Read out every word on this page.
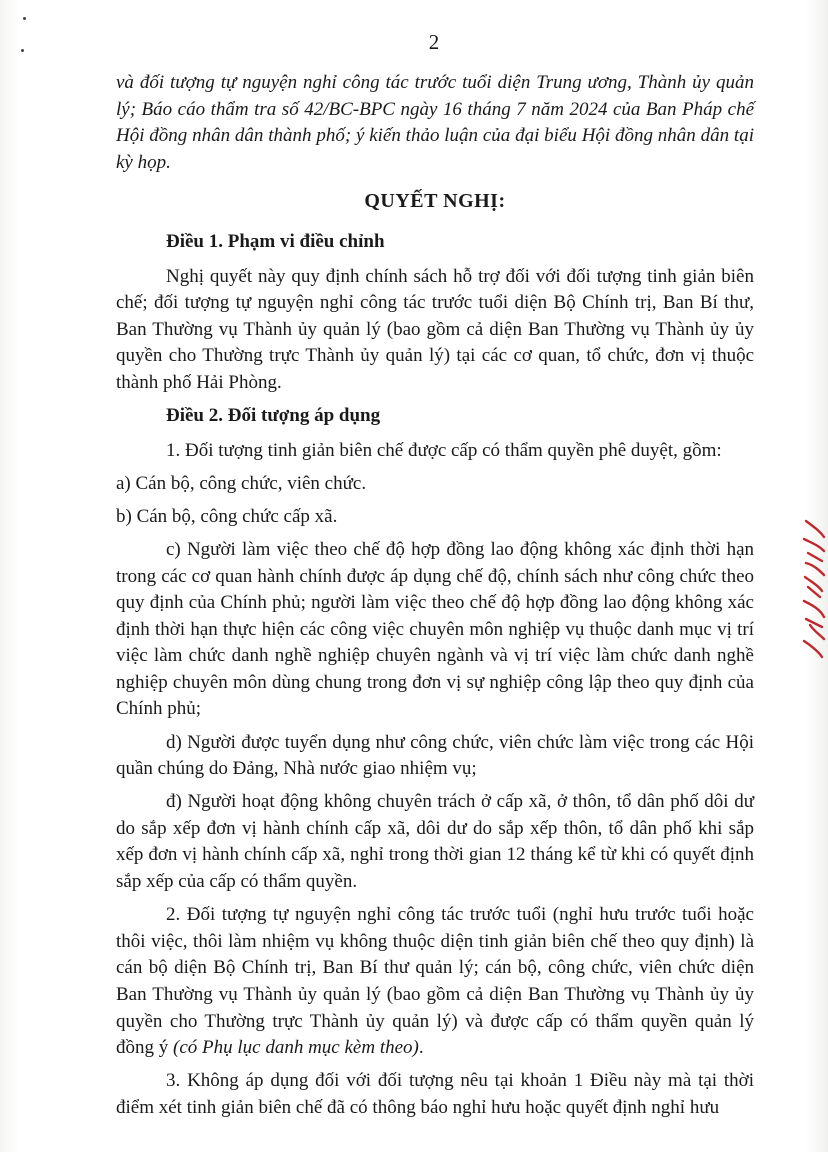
2

và đối tượng tự nguyện nghỉ công tác trước tuổi diện Trung ương, Thành ủy quản lý; Báo cáo thẩm tra số 42/BC-BPC ngày 16 tháng 7 năm 2024 của Ban Pháp chế Hội đồng nhân dân thành phố; ý kiến thảo luận của đại biểu Hội đồng nhân dân tại kỳ họp.

QUYẾT NGHỊ:

Điều 1. Phạm vi điều chỉnh

Nghị quyết này quy định chính sách hỗ trợ đối với đối tượng tinh giản biên chế; đối tượng tự nguyện nghỉ công tác trước tuổi diện Bộ Chính trị, Ban Bí thư, Ban Thường vụ Thành ủy quản lý (bao gồm cả diện Ban Thường vụ Thành ủy ủy quyền cho Thường trực Thành ủy quản lý) tại các cơ quan, tổ chức, đơn vị thuộc thành phố Hải Phòng.

Điều 2. Đối tượng áp dụng

1. Đối tượng tinh giản biên chế được cấp có thẩm quyền phê duyệt, gồm:

a) Cán bộ, công chức, viên chức.

b) Cán bộ, công chức cấp xã.

c) Người làm việc theo chế độ hợp đồng lao động không xác định thời hạn trong các cơ quan hành chính được áp dụng chế độ, chính sách như công chức theo quy định của Chính phủ; người làm việc theo chế độ hợp đồng lao động không xác định thời hạn thực hiện các công việc chuyên môn nghiệp vụ thuộc danh mục vị trí việc làm chức danh nghề nghiệp chuyên ngành và vị trí việc làm chức danh nghề nghiệp chuyên môn dùng chung trong đơn vị sự nghiệp công lập theo quy định của Chính phủ;

d) Người được tuyển dụng như công chức, viên chức làm việc trong các Hội quần chúng do Đảng, Nhà nước giao nhiệm vụ;

đ) Người hoạt động không chuyên trách ở cấp xã, ở thôn, tổ dân phố dôi dư do sắp xếp đơn vị hành chính cấp xã, dôi dư do sắp xếp thôn, tổ dân phố khi sắp xếp đơn vị hành chính cấp xã, nghỉ trong thời gian 12 tháng kể từ khi có quyết định sắp xếp của cấp có thẩm quyền.

2. Đối tượng tự nguyện nghỉ công tác trước tuổi (nghỉ hưu trước tuổi hoặc thôi việc, thôi làm nhiệm vụ không thuộc diện tinh giản biên chế theo quy định) là cán bộ diện Bộ Chính trị, Ban Bí thư quản lý; cán bộ, công chức, viên chức diện Ban Thường vụ Thành ủy quản lý (bao gồm cả diện Ban Thường vụ Thành ủy ủy quyền cho Thường trực Thành ủy quản lý) và được cấp có thẩm quyền quản lý đồng ý (có Phụ lục danh mục kèm theo).

3. Không áp dụng đối với đối tượng nêu tại khoản 1 Điều này mà tại thời điểm xét tinh giản biên chế đã có thông báo nghỉ hưu hoặc quyết định nghỉ hưu
